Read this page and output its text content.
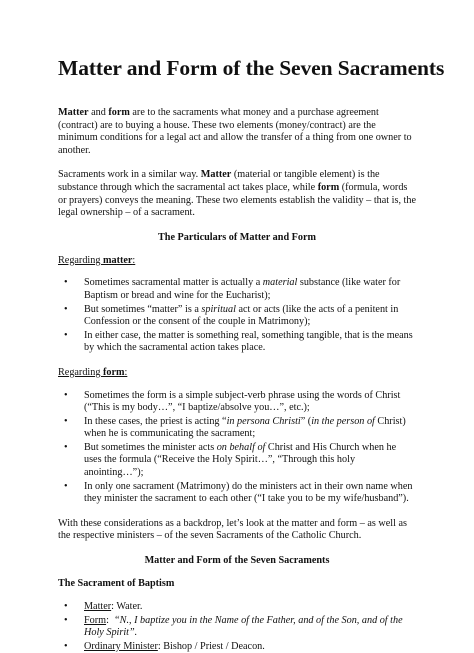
Matter and Form of the Seven Sacraments

Matter and form are to the sacraments what money and a purchase agreement (contract) are to buying a house. These two elements (money/contract) are the minimum conditions for a legal act and allow the transfer of a thing from one owner to another.

Sacraments work in a similar way. Matter (material or tangible element) is the substance through which the sacramental act takes place, while form (formula, words or prayers) conveys the meaning. These two elements establish the validity – that is, the legal ownership – of a sacrament.

The Particulars of Matter and Form
Regarding matter:
• Sometimes sacramental matter is actually a material substance (like water for Baptism or bread and wine for the Eucharist);
• But sometimes “matter” is a spiritual act or acts (like the acts of a penitent in Confession or the consent of the couple in Matrimony);
• In either case, the matter is something real, something tangible, that is the means by which the sacramental action takes place.
Regarding form:
• Sometimes the form is a simple subject-verb phrase using the words of Christ (“This is my body…”, “I baptize/absolve you…”, etc.);
• In these cases, the priest is acting “in persona Christi” (in the person of Christ) when he is communicating the sacrament;
• But sometimes the minister acts on behalf of Christ and His Church when he uses the formula (“Receive the Holy Spirit…”, “Through this holy anointing…”);
• In only one sacrament (Matrimony) do the ministers act in their own name when they minister the sacrament to each other (“I take you to be my wife/husband”).

With these considerations as a backdrop, let’s look at the matter and form – as well as the respective ministers – of the seven Sacraments of the Catholic Church.

Matter and Form of the Seven Sacraments
The Sacrament of Baptism
• Matter: Water.
• Form:  “N., I baptize you in the Name of the Father, and of the Son, and of the Holy Spirit”.
• Ordinary Minister: Bishop / Priest / Deacon.
